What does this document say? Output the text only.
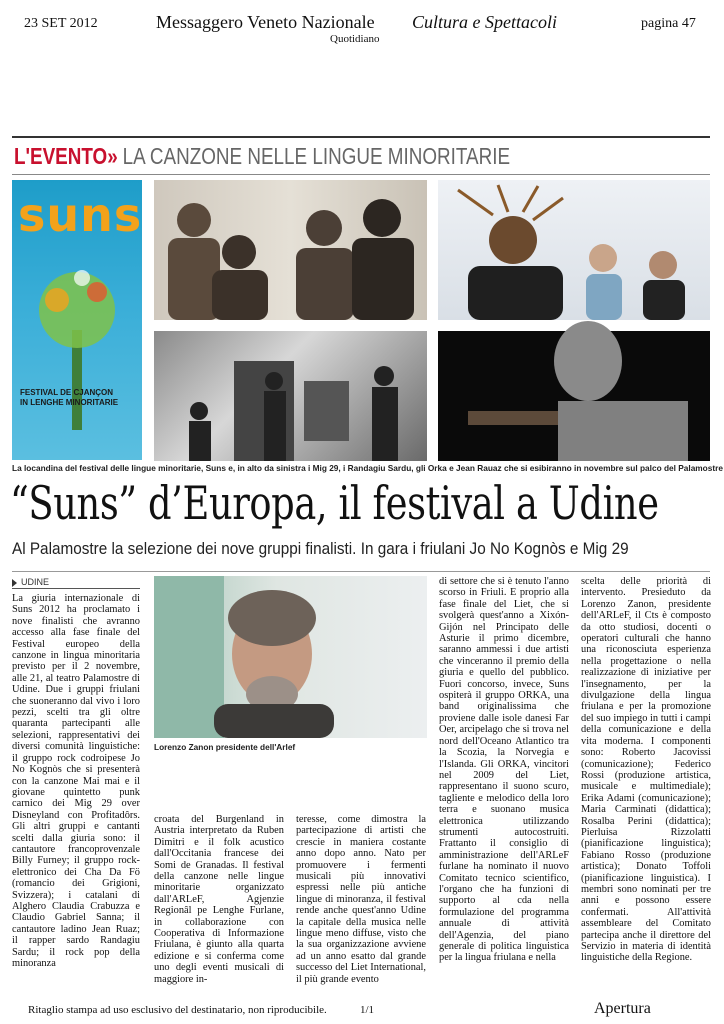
23 SET 2012	Messaggero Veneto Nazionale Cultura e Spettacoli	pagina 47
Quotidiano
L'EVENTO» LA CANZONE NELLE LINGUE MINORITARIE
suns
FESTIVAL DE CJANÇON
IN LENGHE MINORITARIE
La locandina del festival delle lingue minoritarie, Suns e, in alto da sinistra i Mig 29, i Randagiu Sardu, gli Orka e Jean Rauaz che si esibiranno in novembre sul palco del Palamostre
“Suns” d’Europa, il festival a Udine
Al Palamostre la selezione dei nove gruppi finalisti. In gara i friulani Jo No Kognòs e Mig 29
UDINE
La giuria internazionale di Suns 2012 ha proclamato i nove finalisti che avranno accesso alla fase finale del Festival europeo della canzone in lingua minoritaria previsto per il 2 novembre, alle 21, al teatro Palamostre di Udine. Due i gruppi friulani che suoneranno dal vivo i loro pezzi, scelti tra gli oltre quaranta partecipanti alle selezioni, rappresentativi dei diversi comunità linguistiche: il gruppo rock codroipese Jo No Kognòs che si presenterà con la canzone Mai mai e il giovane quintetto punk carnico dei Mig 29 over Disneyland con Profitadôrs. Gli altri gruppi e cantanti scelti dalla giuria sono: il cantautore francoprovenzale Billy Furney; il gruppo rock-elettronico dei Cha Da Fö (romancio dei Grigioni, Svizzera); i catalani di Alghero Claudia Crabuzza e Claudio Gabriel Sanna; il cantautore ladino Jean Ruaz; il rapper sardo Randagiu Sardu; il rock pop della minoranza
Lorenzo Zanon presidente dell'Arlef
croata del Burgenland in Austria interpretato da Ruben Dimitri e il folk acustico dall'Occitania francese dei Somi de Granadas. Il festival della canzone nelle lingue minoritarie organizzato dall'ARLeF, Agjenzie Regionâl pe Lenghe Furlane, in collaborazione con Cooperativa di Informazione Friulana, è giunto alla quarta edizione e si conferma come uno degli eventi musicali di maggiore in-
teresse, come dimostra la partecipazione di artisti che crescie in maniera costante anno dopo anno. Nato per promuovere i fermenti musicali più innovativi espressi nelle più antiche lingue di minoranza, il festival rende anche quest'anno Udine la capitale della musica nelle lingue meno diffuse, visto che la sua organizzazione avviene ad un anno esatto dal grande successo del Liet International, il più grande evento
di settore che si è tenuto l'anno scorso in Friuli. E proprio alla fase finale del Liet, che si svolgerà quest'anno a Xixón-Gijón nel Principato delle Asturie il primo dicembre, saranno ammessi i due artisti che vinceranno il premio della giuria e quello del pubblico. Fuori concorso, invece, Suns ospiterà il gruppo ORKA, una band originalissima che proviene dalle isole danesi Far Oer, arcipelago che si trova nel nord dell'Oceano Atlantico tra la Scozia, la Norvegia e l'Islanda. Gli ORKA, vincitori nel 2009 del Liet, rappresentano il suono scuro, tagliente e melodico della loro terra e suonano musica elettronica utilizzando strumenti autocostruiti. Frattanto il consiglio di amministrazione dell'ARLeF furlane ha nominato il nuovo Comitato tecnico scientifico, l'organo che ha funzioni di supporto al cda nella formulazione del programma annuale di attività dell'Agenzia, del piano generale di politica linguistica per la lingua friulana e nella
scelta delle priorità di intervento. Presieduto da Lorenzo Zanon, presidente dell'ARLeF, il Cts è composto da otto studiosi, docenti o operatori culturali che hanno una riconosciuta esperienza nella progettazione o nella realizzazione di iniziative per l'insegnamento, per la divulgazione della lingua friulana e per la promozione del suo impiego in tutti i campi della comunicazione e della vita moderna. I componenti sono: Roberto Jacovissi (comunicazione); Federico Rossi (produzione artistica, musicale e multimediale); Erika Adami (comunicazione); Maria Carminati (didattica); Rosalba Perini (didattica); Pierluisa Rizzolatti (pianificazione linguistica); Fabiano Rosso (produzione artistica); Donato Toffoli (pianificazione linguistica). I membri sono nominati per tre anni e possono essere confermati. All'attività assembleare del Comitato partecipa anche il direttore del Servizio in materia di identità linguistiche della Regione.
Ritaglio stampa ad uso esclusivo del destinatario, non riproducibile.	1/1	Apertura
